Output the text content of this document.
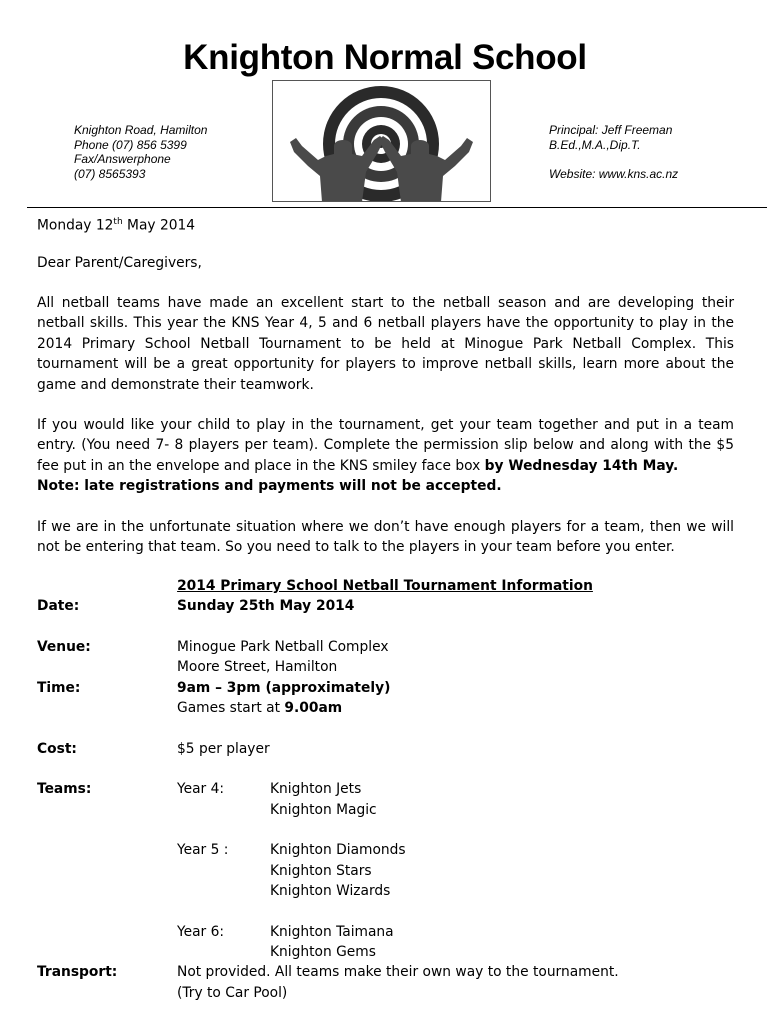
Knighton Normal School
Knighton Road, Hamilton
Phone (07) 856 5399
Fax/Answerphone
(07) 8565393
Principal: Jeff Freeman
B.Ed.,M.A.,Dip.T.
Website: www.kns.ac.nz
Monday 12th May 2014
Dear Parent/Caregivers,
All netball teams have made an excellent start to the netball season and are developing their netball skills. This year the KNS Year 4, 5 and 6 netball players have the opportunity to play in the 2014 Primary School Netball Tournament to be held at Minogue Park Netball Complex. This tournament will be a great opportunity for players to improve netball skills, learn more about the game and demonstrate their teamwork.
If you would like your child to play in the tournament, get your team together and put in a team entry. (You need 7- 8 players per team). Complete the permission slip below and along with the $5 fee put in an the envelope and place in the KNS smiley face box by Wednesday 14th May.
Note: late registrations and payments will not be accepted.
If we are in the unfortunate situation where we don’t have enough players for a team, then we will not be entering that team. So you need to talk to the players in your team before you enter.
2014 Primary School Netball Tournament Information
Date:	Sunday 25th May 2014
Venue:	Minogue Park Netball Complex
Moore Street, Hamilton
Time:	9am – 3pm (approximately)
Games start at 9.00am
Cost:	$5 per player
Teams:	Year 4:	Knighton Jets
Knighton Magic
Year 5 :	Knighton Diamonds
Knighton Stars
Knighton Wizards
Year 6:	Knighton Taimana
Knighton Gems
Transport:	Not provided. All teams make their own way to the tournament.
(Try to Car Pool)
